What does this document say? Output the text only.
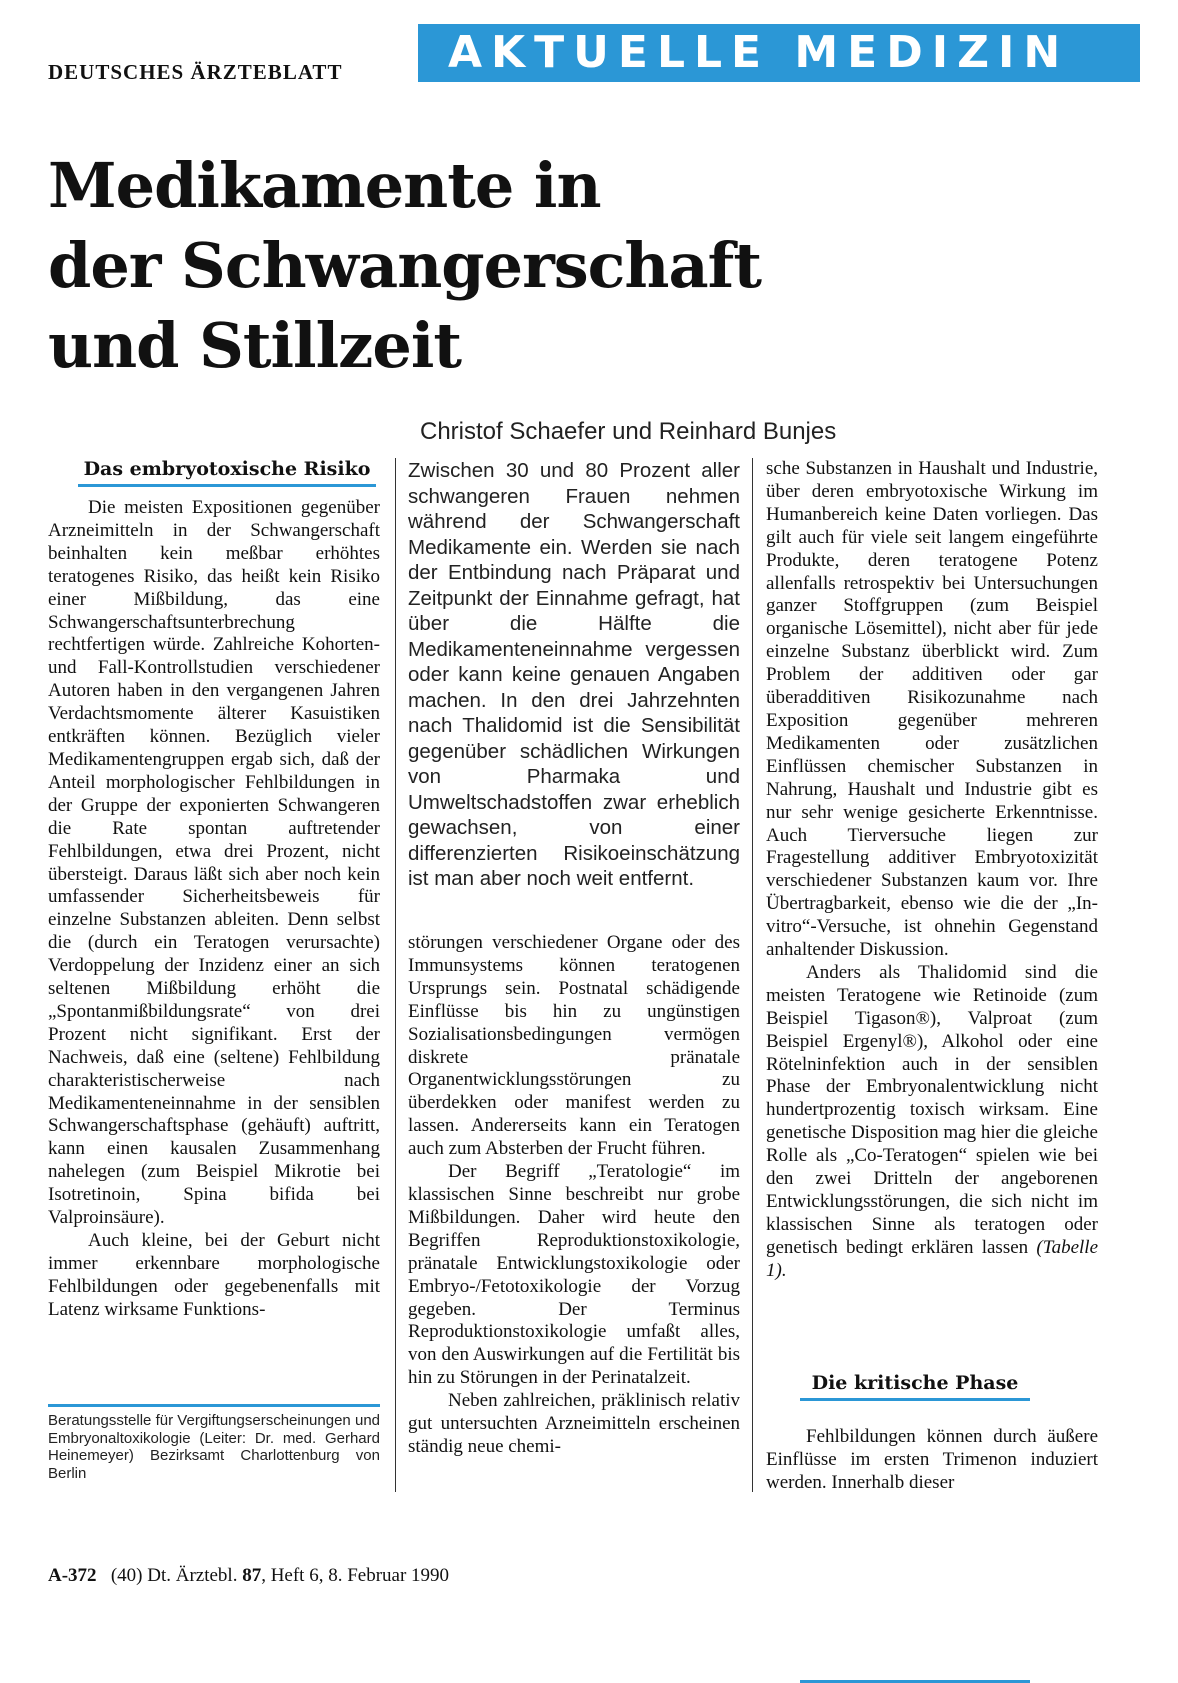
DEUTSCHES ÄRZTEBLATT	AKTUELLE MEDIZIN
Medikamente in
der Schwangerschaft
und Stillzeit
Christof Schaefer und Reinhard Bunjes
Das embryotoxische Risiko

Die meisten Expositionen gegenüber Arzneimitteln in der Schwangerschaft beinhalten kein meßbar erhöhtes teratogenes Risiko, das heißt kein Risiko einer Mißbildung, das eine Schwangerschaftsunterbrechung rechtfertigen würde. Zahlreiche Kohorten- und Fall-Kontrollstudien verschiedener Autoren haben in den vergangenen Jahren Verdachtsmomente älterer Kasuistiken entkräften können. Bezüglich vieler Medikamentengruppen ergab sich, daß der Anteil morphologischer Fehlbildungen in der Gruppe der exponierten Schwangeren die Rate spontan auftretender Fehlbildungen, etwa drei Prozent, nicht übersteigt. Daraus läßt sich aber noch kein umfassender Sicherheitsbeweis für einzelne Substanzen ableiten. Denn selbst die (durch ein Teratogen verursachte) Verdoppelung der Inzidenz einer an sich seltenen Mißbildung erhöht die „Spontanmißbildungsrate“ von drei Prozent nicht signifikant. Erst der Nachweis, daß eine (seltene) Fehlbildung charakteristischerweise nach Medikamenteneinnahme in der sensiblen Schwangerschaftsphase (gehäuft) auftritt, kann einen kausalen Zusammenhang nahelegen (zum Beispiel Mikrotie bei Isotretinoin, Spina bifida bei Valproinsäure).

Auch kleine, bei der Geburt nicht immer erkennbare morphologische Fehlbildungen oder gegebenenfalls mit Latenz wirksame Funktions-

Beratungsstelle für Vergiftungserscheinungen und Embryonaltoxikologie (Leiter: Dr. med. Gerhard Heinemeyer) Bezirksamt Charlottenburg von Berlin
Zwischen 30 und 80 Prozent aller schwangeren Frauen nehmen während der Schwangerschaft Medikamente ein. Werden sie nach der Entbindung nach Präparat und Zeitpunkt der Einnahme gefragt, hat über die Hälfte die Medikamenteneinnahme vergessen oder kann keine genauen Angaben machen. In den drei Jahrzehnten nach Thalidomid ist die Sensibilität gegenüber schädlichen Wirkungen von Pharmaka und Umweltschadstoffen zwar erheblich gewachsen, von einer differenzierten Risikoeinschätzung ist man aber noch weit entfernt.

störungen verschiedener Organe oder des Immunsystems können teratogenen Ursprungs sein. Postnatal schädigende Einflüsse bis hin zu ungünstigen Sozialisationsbedingungen vermögen diskrete pränatale Organentwicklungsstörungen zu überdekken oder manifest werden zu lassen. Andererseits kann ein Teratogen auch zum Absterben der Frucht führen.

Der Begriff „Teratologie“ im klassischen Sinne beschreibt nur grobe Mißbildungen. Daher wird heute den Begriffen Reproduktionstoxikologie, pränatale Entwicklungstoxikologie oder Embryo-/Fetotoxikologie der Vorzug gegeben. Der Terminus Reproduktionstoxikologie umfaßt alles, von den Auswirkungen auf die Fertilität bis hin zu Störungen in der Perinatalzeit.

Neben zahlreichen, präklinisch relativ gut untersuchten Arzneimitteln erscheinen ständig neue chemi-

sche Substanzen in Haushalt und Industrie, über deren embryotoxische Wirkung im Humanbereich keine Daten vorliegen. Das gilt auch für viele seit langem eingeführte Produkte, deren teratogene Potenz allenfalls retrospektiv bei Untersuchungen ganzer Stoffgruppen (zum Beispiel organische Lösemittel), nicht aber für jede einzelne Substanz überblickt wird. Zum Problem der additiven oder gar überadditiven Risikozunahme nach Exposition gegenüber mehreren Medikamenten oder zusätzlichen Einflüssen chemischer Substanzen in Nahrung, Haushalt und Industrie gibt es nur sehr wenige gesicherte Erkenntnisse. Auch Tierversuche liegen zur Fragestellung additiver Embryotoxizität verschiedener Substanzen kaum vor. Ihre Übertragbarkeit, ebenso wie die der „In-vitro“-Versuche, ist ohnehin Gegenstand anhaltender Diskussion.

Anders als Thalidomid sind die meisten Teratogene wie Retinoide (zum Beispiel Tigason®), Valproat (zum Beispiel Ergenyl®), Alkohol oder eine Rötelninfektion auch in der sensiblen Phase der Embryonalentwicklung nicht hundertprozentig toxisch wirksam. Eine genetische Disposition mag hier die gleiche Rolle als „Co-Teratogen“ spielen wie bei den zwei Dritteln der angeborenen Entwicklungsstörungen, die sich nicht im klassischen Sinne als teratogen oder genetisch bedingt erklären lassen (Tabelle 1).

Die kritische Phase

Fehlbildungen können durch äußere Einflüsse im ersten Trimenon induziert werden. Innerhalb dieser

A-372 (40) Dt. Ärztebl. 87, Heft 6, 8. Februar 1990
